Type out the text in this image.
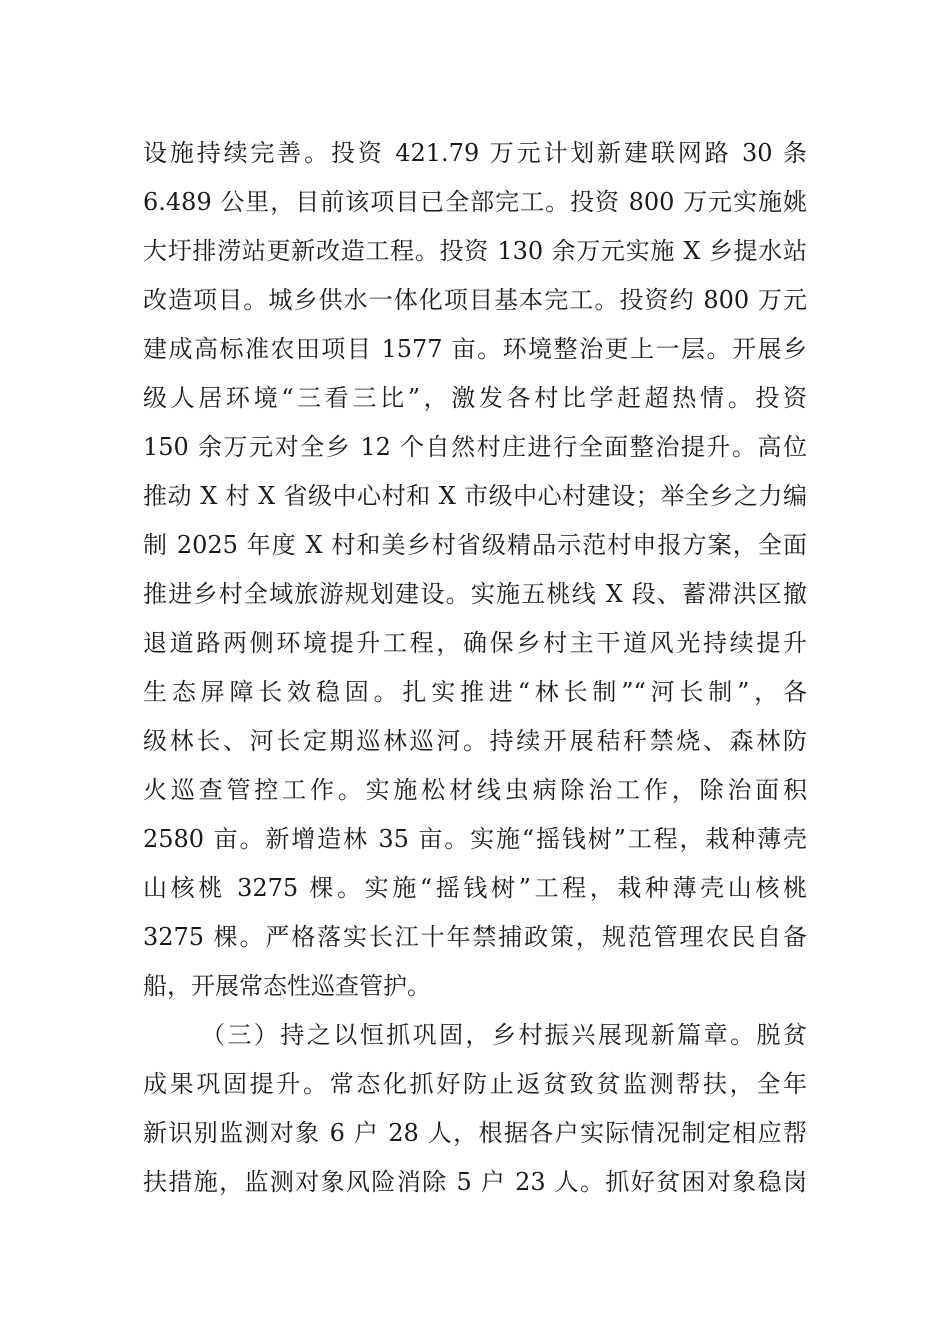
设施持续完善。投资 421.79 万元计划新建联网路 30 条
6.489 公里，目前该项目已全部完工。投资 800 万元实施姚
大圩排涝站更新改造工程。投资 130 余万元实施 X 乡提水站
改造项目。城乡供水一体化项目基本完工。投资约 800 万元
建成高标准农田项目 1577 亩。环境整治更上一层。开展乡
级人居环境“三看三比”，激发各村比学赶超热情。投资
150 余万元对全乡 12 个自然村庄进行全面整治提升。高位
推动 X 村 X 省级中心村和 X 市级中心村建设；举全乡之力编
制 2025 年度 X 村和美乡村省级精品示范村申报方案，全面
推进乡村全域旅游规划建设。实施五桃线 X 段、蓄滞洪区撤
退道路两侧环境提升工程，确保乡村主干道风光持续提升
生态屏障长效稳固。扎实推进“林长制”“河长制”，各
级林长、河长定期巡林巡河。持续开展秸秆禁烧、森林防
火巡查管控工作。实施松材线虫病除治工作，除治面积
2580 亩。新增造林 35 亩。实施“摇钱树”工程，栽种薄壳
山核桃 3275 棵。实施“摇钱树”工程，栽种薄壳山核桃
3275 棵。严格落实长江十年禁捕政策，规范管理农民自备
船，开展常态性巡查管护。
（三）持之以恒抓巩固，乡村振兴展现新篇章。脱贫
成果巩固提升。常态化抓好防止返贫致贫监测帮扶，全年
新识别监测对象 6 户 28 人，根据各户实际情况制定相应帮
扶措施，监测对象风险消除 5 户 23 人。抓好贫困对象稳岗
